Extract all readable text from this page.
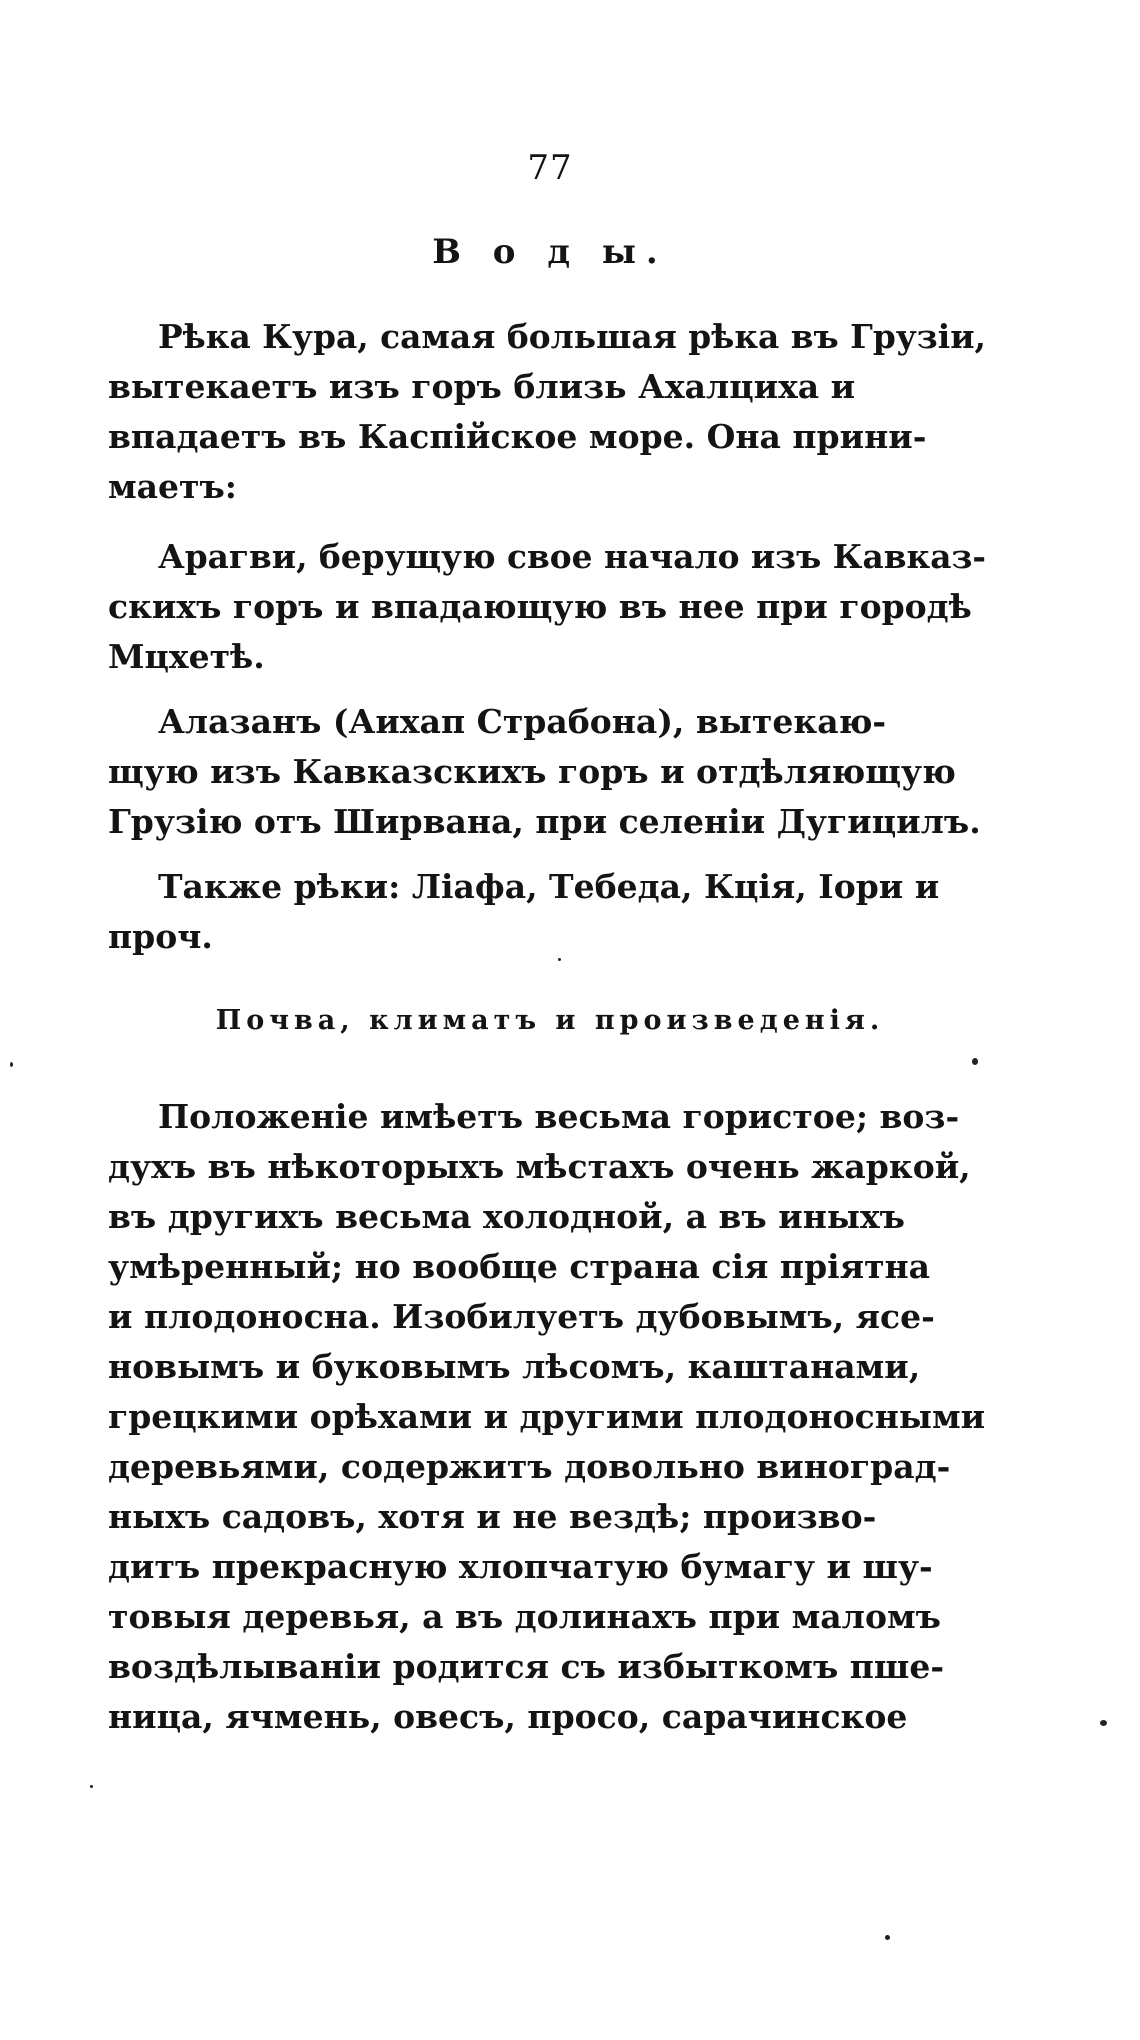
77
В о д ы.
Рѣка Кура, самая большая рѣка въ Грузіи,
вытекаетъ изъ горъ близь Ахалциха и
впадаетъ въ Каспійское море. Она прини-
маетъ:
Арагви, берущую свое начало изъ Кавказ-
скихъ горъ и впадающую въ нее при городѣ
Мцхетѣ.
Алазанъ (Аихап Страбона), вытекаю-
щую изъ Кавказскихъ горъ и отдѣляющую
Грузію отъ Ширвана, при селеніи Дугицилъ.
Также рѣки: Ліафа, Тебеда, Кція, Іори и
проч.
Почва, климатъ и произведенія.
Положеніе имѣетъ весьма гористое; воз-
духъ въ нѣкоторыхъ мѣстахъ очень жаркой,
въ другихъ весьма холодной, а въ иныхъ
умѣренный; но вообще страна сія пріятна
и плодоносна. Изобилуетъ дубовымъ, ясе-
новымъ и буковымъ лѣсомъ, каштанами,
грецкими орѣхами и другими плодоносными
деревьями, содержитъ довольно виноград-
ныхъ садовъ, хотя и не вездѣ; произво-
дитъ прекрасную хлопчатую бумагу и шу-
товыя деревья, а въ долинахъ при маломъ
воздѣлываніи родится съ избыткомъ пше-
ница, ячмень, овесъ, просо, сарачинское
